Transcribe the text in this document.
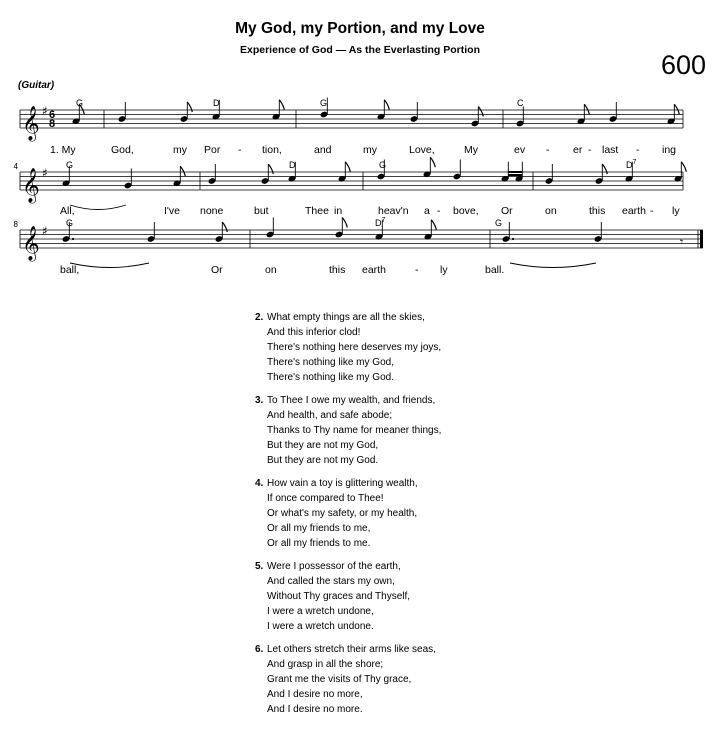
My God, my Portion, and my Love
Experience of God — As the Everlasting Portion	600
(Guitar)
𝄞 ♯
𝄞 ♯
𝄞 ♯
6
8
𝄾
G	D	G	C
G	D	G	$D^7$
4
G	$D^7$	G
8
1. My	God,	my Por - tion,	and	my	Love,	My	ev - er - last - ing
All,	I've none	but	Thee in	heav'n a - bove, Or	on	this earth - ly
ball,	Or	on	this earth	- ly	ball.
2. What empty things are all the skies,
And this inferior clod!
There's nothing here deserves my joys,
There's nothing like my God,
There's nothing like my God.
3. To Thee I owe my wealth, and friends,
And health, and safe abode;
Thanks to Thy name for meaner things,
But they are not my God,
But they are not my God.
4. How vain a toy is glittering wealth,
If once compared to Thee!
Or what's my safety, or my health,
Or all my friends to me,
Or all my friends to me.
5. Were I possessor of the earth,
And called the stars my own,
Without Thy graces and Thyself,
I were a wretch undone,
I were a wretch undone.
6. Let others stretch their arms like seas,
And grasp in all the shore;
Grant me the visits of Thy grace,
And I desire no more,
And I desire no more.
